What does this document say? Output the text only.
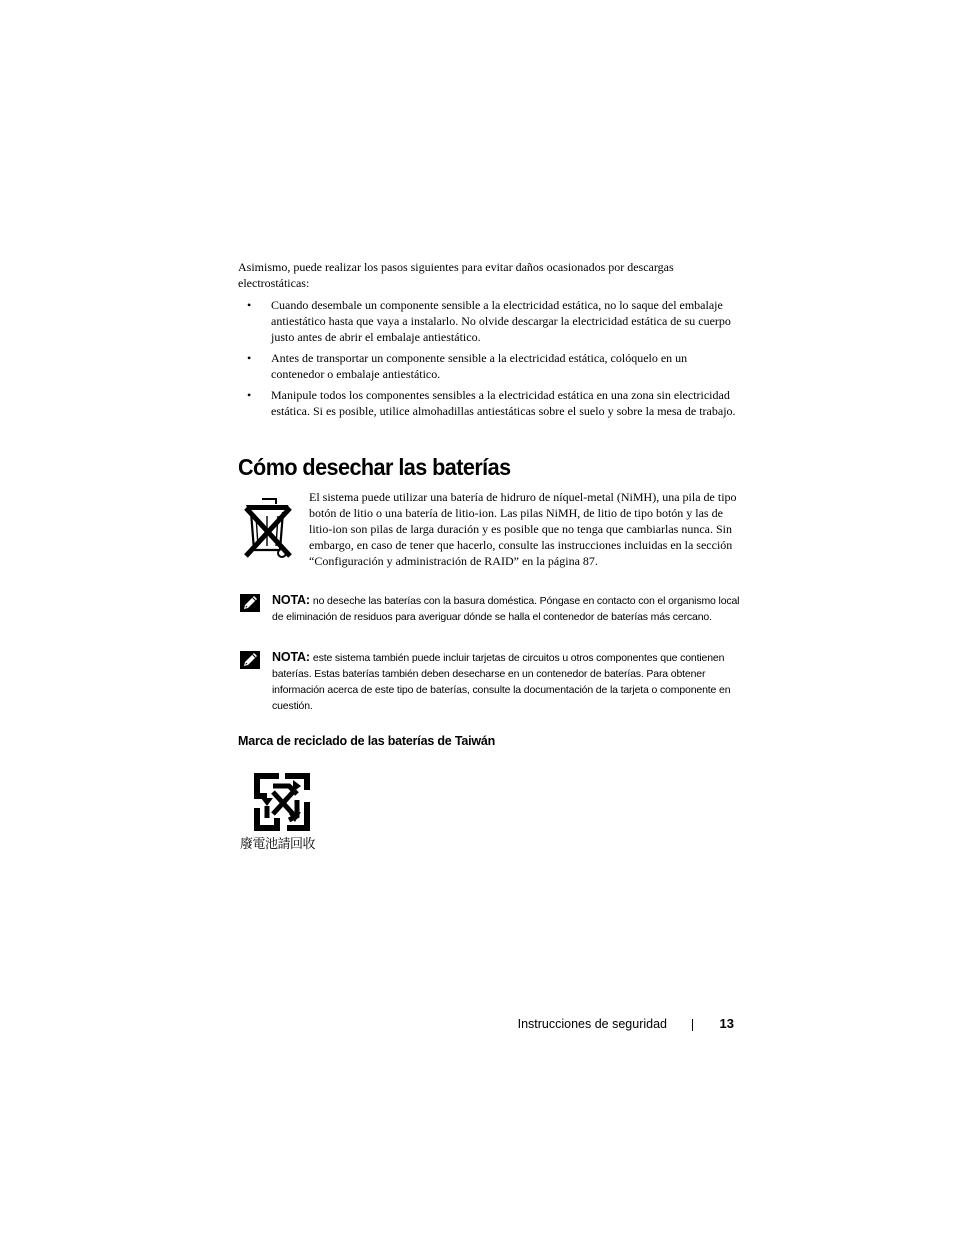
Asimismo, puede realizar los pasos siguientes para evitar daños ocasionados por descargas electrostáticas:

• Cuando desembale un componente sensible a la electricidad estática, no lo saque del embalaje antiestático hasta que vaya a instalarlo. No olvide descargar la electricidad estática de su cuerpo justo antes de abrir el embalaje antiestático.
• Antes de transportar un componente sensible a la electricidad estática, colóquelo en un contenedor o embalaje antiestático.
• Manipule todos los componentes sensibles a la electricidad estática en una zona sin electricidad estática. Si es posible, utilice almohadillas antiestáticas sobre el suelo y sobre la mesa de trabajo.
Cómo desechar las baterías

El sistema puede utilizar una batería de hidruro de níquel-metal (NiMH), una pila de tipo botón de litio o una batería de litio-ion. Las pilas NiMH, de litio de tipo botón y las de litio-ion son pilas de larga duración y es posible que no tenga que cambiarlas nunca. Sin embargo, en caso de tener que hacerlo, consulte las instrucciones incluidas en la sección “Configuración y administración de RAID” en la página 87.

NOTA: no deseche las baterías con la basura doméstica. Póngase en contacto con el organismo local de eliminación de residuos para averiguar dónde se halla el contenedor de baterías más cercano.
NOTA: este sistema también puede incluir tarjetas de circuitos u otros componentes que contienen baterías. Estas baterías también deben desecharse en un contenedor de baterías. Para obtener información acerca de este tipo de baterías, consulte la documentación de la tarjeta o componente en cuestión.
Marca de reciclado de las baterías de Taiwán
廢電池請回收
Instrucciones de seguridad	13
